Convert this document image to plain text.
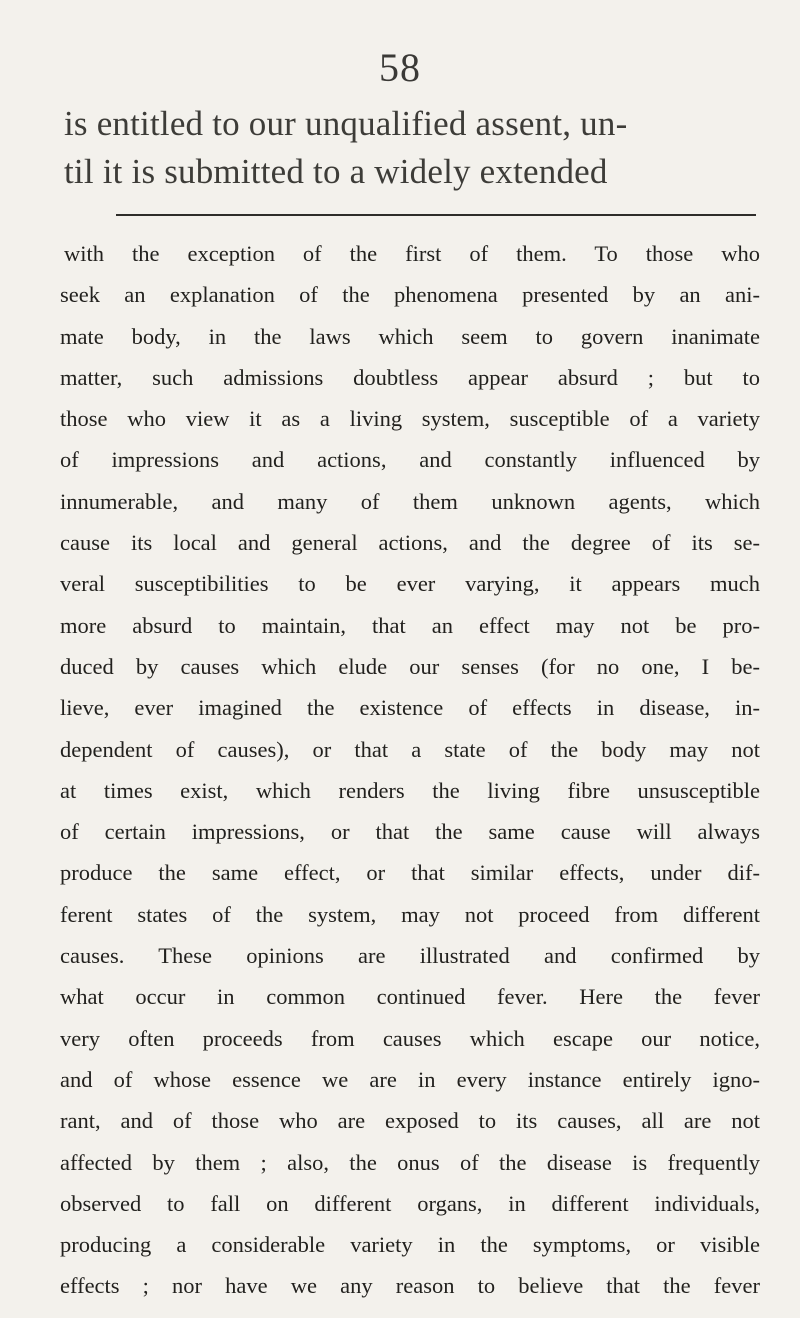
58
is entitled to our unqualified assent, un-
til it is submitted to a widely extended
with the exception of the first of them. To those who
seek an explanation of the phenomena presented by an ani-
mate body, in the laws which seem to govern inanimate
matter, such admissions doubtless appear absurd ; but to
those who view it as a living system, susceptible of a variety
of impressions and actions, and constantly influenced by
innumerable, and many of them unknown agents, which
cause its local and general actions, and the degree of its se-
veral susceptibilities to be ever varying, it appears much
more absurd to maintain, that an effect may not be pro-
duced by causes which elude our senses (for no one, I be-
lieve, ever imagined the existence of effects in disease, in-
dependent of causes), or that a state of the body may not
at times exist, which renders the living fibre unsusceptible
of certain impressions, or that the same cause will always
produce the same effect, or that similar effects, under dif-
ferent states of the system, may not proceed from different
causes. These opinions are illustrated and confirmed by
what occur in common continued fever. Here the fever
very often proceeds from causes which escape our notice,
and of whose essence we are in every instance entirely igno-
rant, and of those who are exposed to its causes, all are not
affected by them ; also, the onus of the disease is frequently
observed to fall on different organs, in different individuals,
producing a considerable variety in the symptoms, or visible
effects ; nor have we any reason to believe that the fever
